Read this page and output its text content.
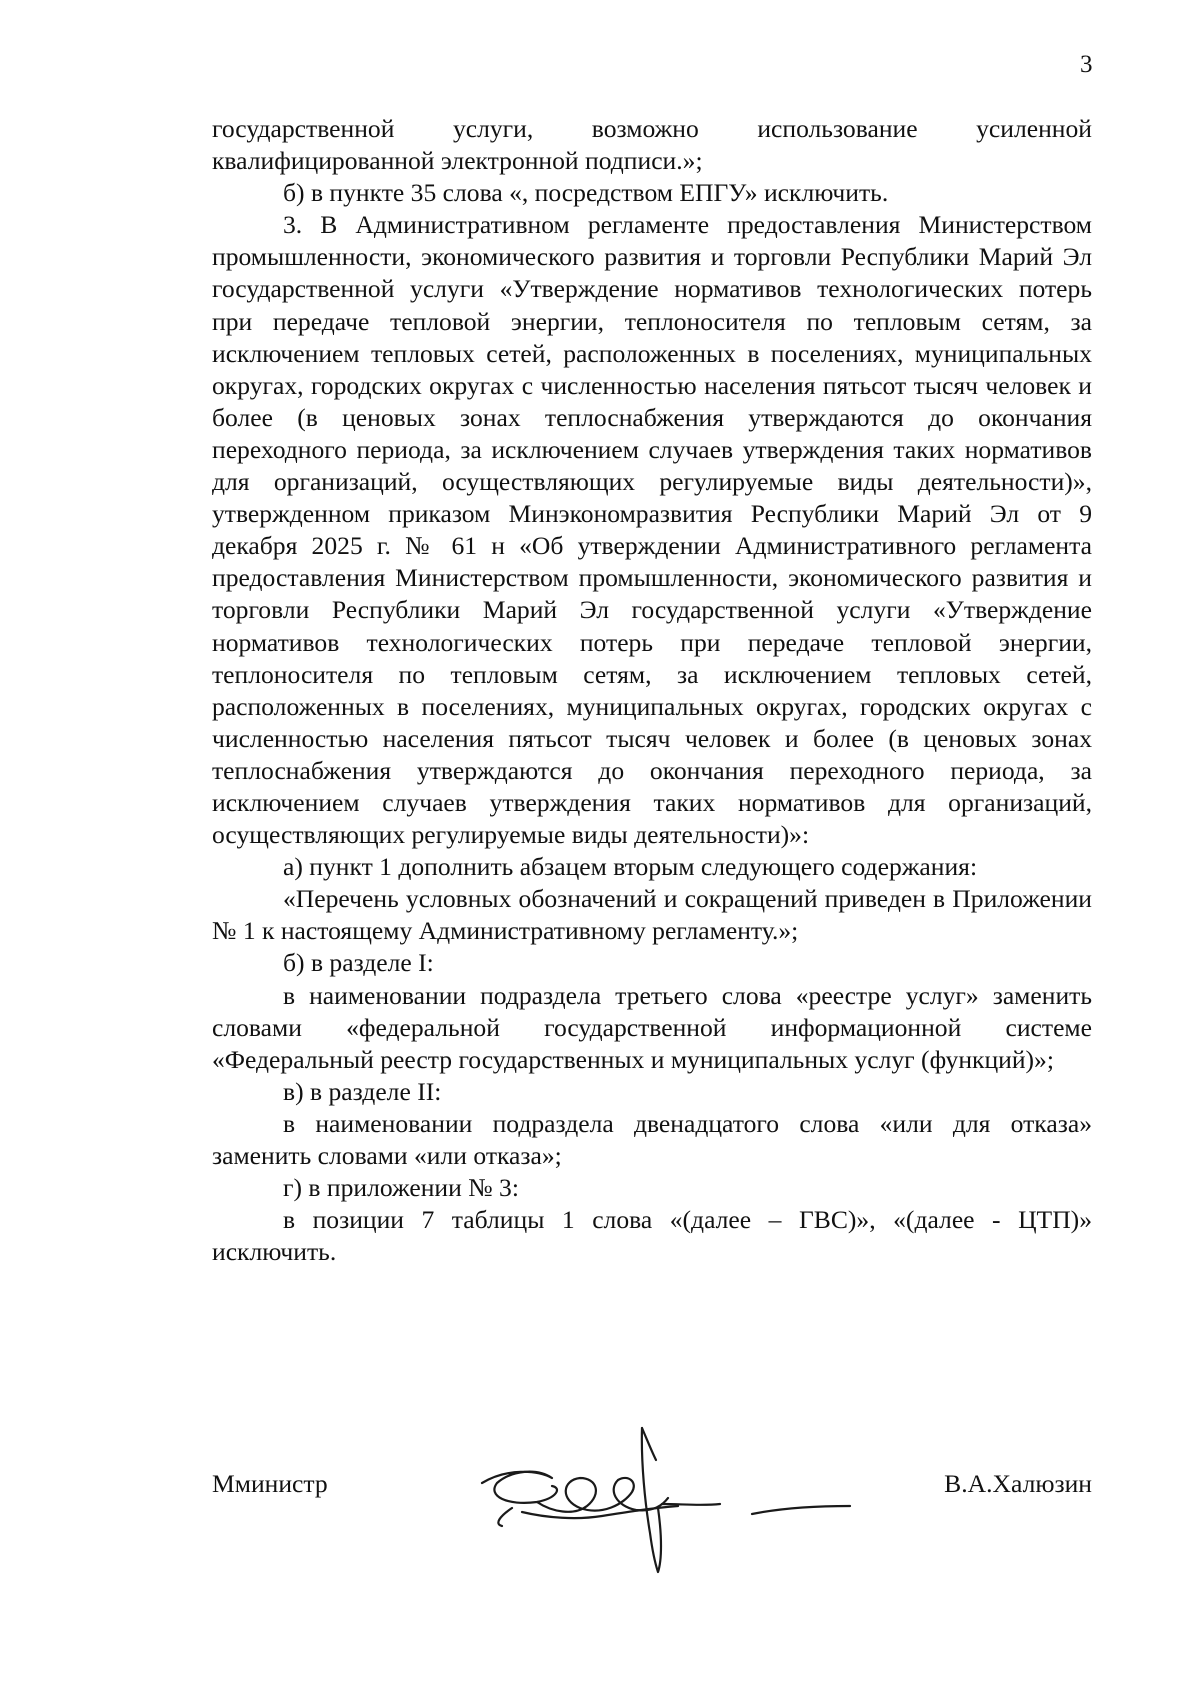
3

государственной услуги, возможно использование усиленной квалифицированной электронной подписи.»;

б) в пункте 35 слова «, посредством ЕПГУ» исключить.

3. В Административном регламенте предоставления Министерством промышленности, экономического развития и торговли Республики Марий Эл государственной услуги «Утверждение нормативов технологических потерь при передаче тепловой энергии, теплоносителя по тепловым сетям, за исключением тепловых сетей, расположенных в поселениях, муниципальных округах, городских округах с численностью населения пятьсот тысяч человек и более (в ценовых зонах теплоснабжения утверждаются до окончания переходного периода, за исключением случаев утверждения таких нормативов для организаций, осуществляющих регулируемые виды деятельности)», утвержденном приказом Минэкономразвития Республики Марий Эл от 9 декабря 2025 г. № 61 н «Об утверждении Административного регламента предоставления Министерством промышленности, экономического развития и торговли Республики Марий Эл государственной услуги «Утверждение нормативов технологических потерь при передаче тепловой энергии, теплоносителя по тепловым сетям, за исключением тепловых сетей, расположенных в поселениях, муниципальных округах, городских округах с численностью населения пятьсот тысяч человек и более (в ценовых зонах теплоснабжения утверждаются до окончания переходного периода, за исключением случаев утверждения таких нормативов для организаций, осуществляющих регулируемые виды деятельности)»:

а) пункт 1 дополнить абзацем вторым следующего содержания:

«Перечень условных обозначений и сокращений приведен в Приложении № 1 к настоящему Административному регламенту.»;

б) в разделе I:

в наименовании подраздела третьего слова «реестре услуг» заменить словами «федеральной государственной информационной системе «Федеральный реестр государственных и муниципальных услуг (функций)»;

в) в разделе II:

в наименовании подраздела двенадцатого слова «или для отказа» заменить словами «или отказа»;

г) в приложении № 3:

в позиции 7 таблицы 1 слова «(далее – ГВС)», «(далее - ЦТП)» исключить.

Мминистр	В.А.Халюзин
